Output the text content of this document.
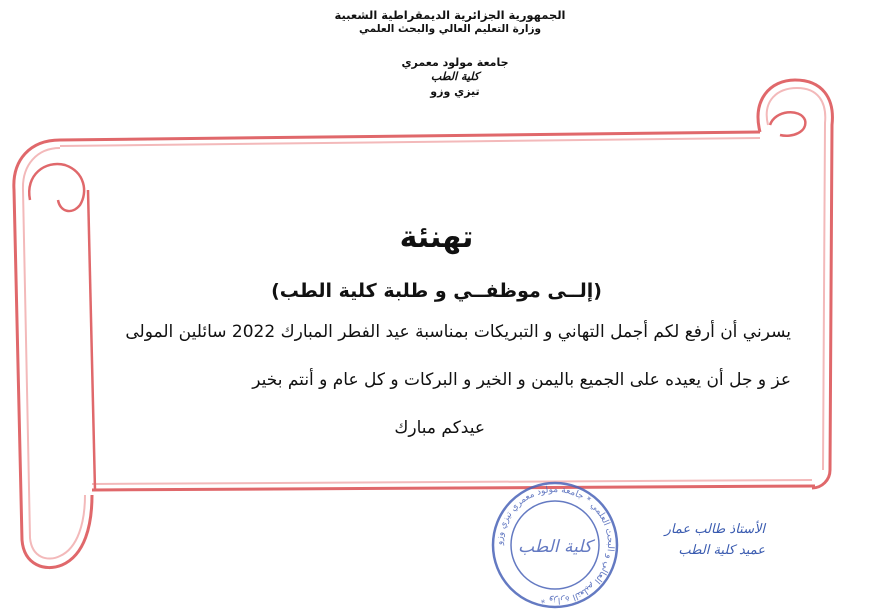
الجمهورية الجزائرية الديمقراطية الشعبية
وزارة التعليم العالي والبحث العلمي
جامعة مولود معمري
كلية الطب
تيزي وزو
وزارة التعليم العالي و البحث العلمي * جامعة مولود معمري تيزي وزو *
كلية الطب
تهنئة
(إلــى موظفــي و طلبة كلية الطب)
يسرني أن أرفع لكم أجمل التهاني و التبريكات بمناسبة عيد الفطر المبارك 2022 سائلين المولى
عز و جل أن يعيده على الجميع باليمن و الخير و البركات و كل عام و أنتم بخير
عيدكم مبارك
الأستاذ طالب عمار
عميد كلية الطب
